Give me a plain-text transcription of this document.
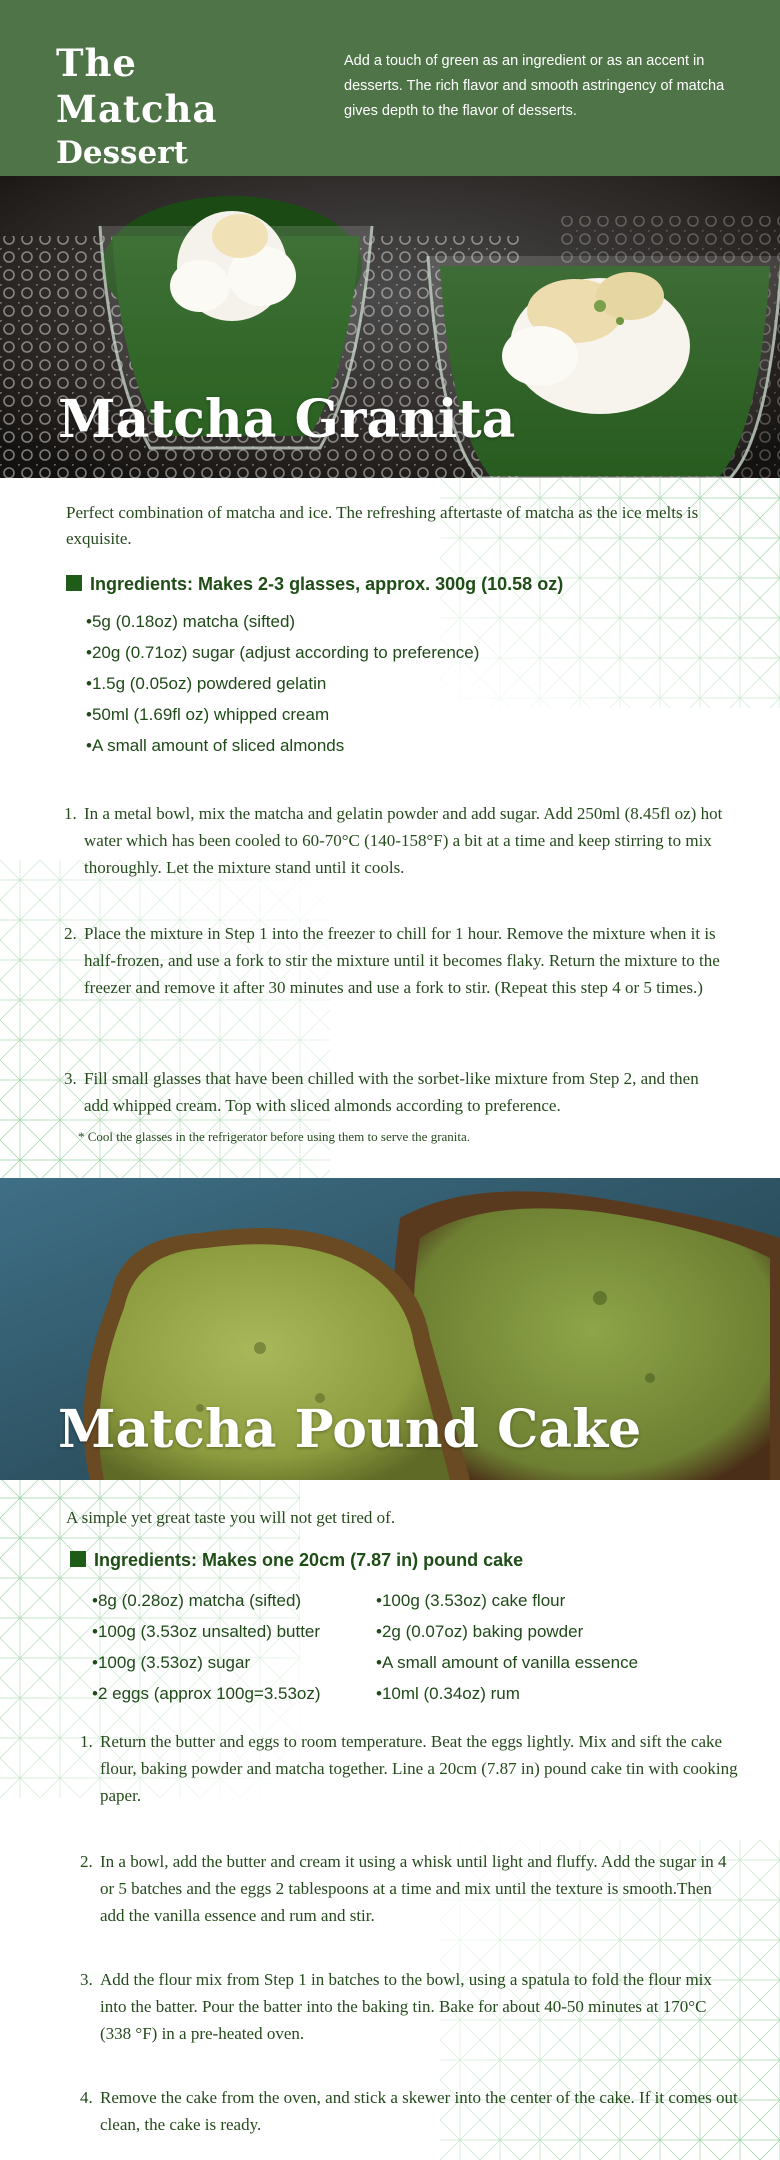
The Matcha
Dessert
Add a touch of green as an ingredient or as an accent in desserts. The rich flavor and smooth astringency of matcha gives depth to the flavor of desserts.
Matcha Granita
Perfect combination of matcha and ice. The refreshing aftertaste of matcha as the ice melts is exquisite.
Ingredients: Makes 2-3 glasses, approx. 300g (10.58 oz)
•5g (0.18oz) matcha (sifted)
•20g (0.71oz) sugar (adjust according to preference)
•1.5g (0.05oz) powdered gelatin
•50ml (1.69fl oz) whipped cream
•A small amount of sliced almonds
1. In a metal bowl, mix the matcha and gelatin powder and add sugar. Add 250ml (8.45fl oz) hot water which has been cooled to 60-70°C (140-158°F) a bit at a time and keep stirring to mix thoroughly. Let the mixture stand until it cools.
2. Place the mixture in Step 1 into the freezer to chill for 1 hour. Remove the mixture when it is half-frozen, and use a fork to stir the mixture until it becomes flaky. Return the mixture to the freezer and remove it after 30 minutes and use a fork to stir. (Repeat this step 4 or 5 times.)
3. Fill small glasses that have been chilled with the sorbet-like mixture from Step 2, and then add whipped cream. Top with sliced almonds according to preference.
* Cool the glasses in the refrigerator before using them to serve the granita.
Matcha Pound Cake
A simple yet great taste you will not get tired of.
Ingredients: Makes one 20cm (7.87 in) pound cake
•8g (0.28oz) matcha (sifted)
•100g (3.53oz unsalted) butter
•100g (3.53oz) sugar
•2 eggs (approx 100g=3.53oz)
•100g (3.53oz) cake flour
•2g (0.07oz) baking powder
•A small amount of vanilla essence
•10ml (0.34oz) rum
1. Return the butter and eggs to room temperature. Beat the eggs lightly. Mix and sift the cake flour, baking powder and matcha together. Line a 20cm (7.87 in) pound cake tin with cooking paper.
2. In a bowl, add the butter and cream it using a whisk until light and fluffy. Add the sugar in 4 or 5 batches and the eggs 2 tablespoons at a time and mix until the texture is smooth.Then add the vanilla essence and rum and stir.
3. Add the flour mix from Step 1 in batches to the bowl, using a spatula to fold the flour mix into the batter. Pour the batter into the baking tin. Bake for about 40-50 minutes at 170°C (338 °F) in a pre-heated oven.
4. Remove the cake from the oven, and stick a skewer into the center of the cake. If it comes out clean, the cake is ready.
